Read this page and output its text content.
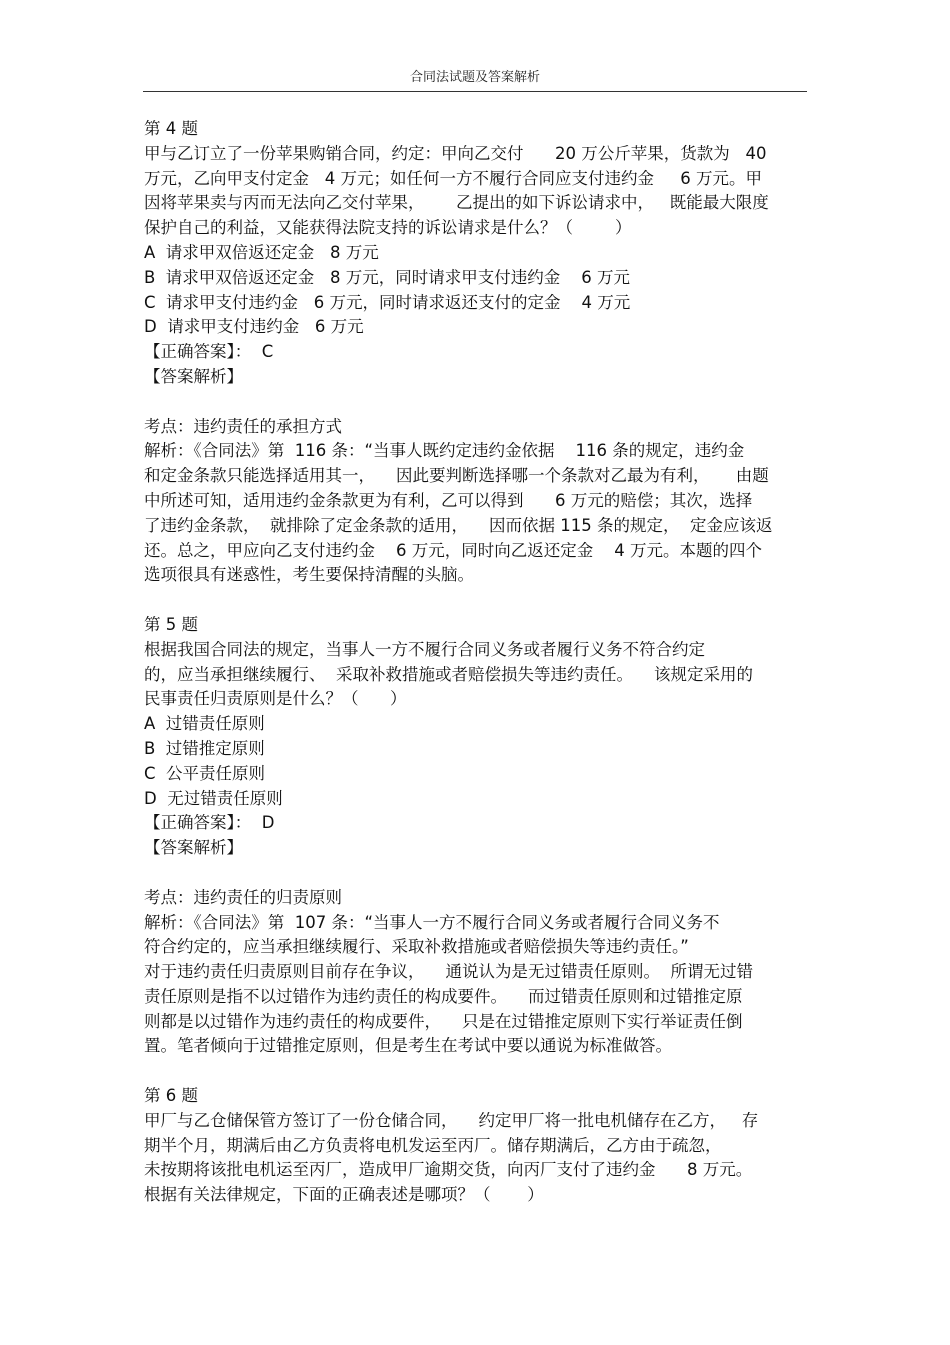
合同法试题及答案解析
第 4 题
甲与乙订立了一份苹果购销合同，约定：甲向乙交付      20 万公斤苹果，货款为   40
万元，乙向甲支付定金   4 万元；如任何一方不履行合同应支付违约金     6 万元。甲
因将苹果卖与丙而无法向乙交付苹果，      乙提出的如下诉讼请求中，   既能最大限度
保护自己的利益，又能获得法院支持的诉讼请求是什么？（        ）
A  请求甲双倍返还定金   8 万元
B  请求甲双倍返还定金   8 万元，同时请求甲支付违约金    6 万元
C  请求甲支付违约金   6 万元，同时请求返还支付的定金    4 万元
D  请求甲支付违约金   6 万元
【正确答案】：  C
【答案解析】
考点：违约责任的承担方式
解析：《合同法》第  116 条：“当事人既约定违约金依据    116 条的规定，违约金
和定金条款只能选择适用其一，    因此要判断选择哪一个条款对乙最为有利，     由题
中所述可知，适用违约金条款更为有利，乙可以得到      6 万元的赔偿；其次，选择
了违约金条款，  就排除了定金条款的适用，    因而依据 115 条的规定，  定金应该返
还。总之，甲应向乙支付违约金    6 万元，同时向乙返还定金    4 万元。本题的四个
选项很具有迷惑性，考生要保持清醒的头脑。
第 5 题
根据我国合同法的规定，当事人一方不履行合同义务或者履行义务不符合约定
的，应当承担继续履行、  采取补救措施或者赔偿损失等违约责任。    该规定采用的
民事责任归责原则是什么？（      ）
A  过错责任原则
B  过错推定原则
C  公平责任原则
D  无过错责任原则
【正确答案】：  D
【答案解析】
考点：违约责任的归责原则
解析：《合同法》第  107 条：“当事人一方不履行合同义务或者履行合同义务不
符合约定的，应当承担继续履行、采取补救措施或者赔偿损失等违约责任。”
对于违约责任归责原则目前存在争议，    通说认为是无过错责任原则。  所谓无过错
责任原则是指不以过错作为违约责任的构成要件。    而过错责任原则和过错推定原
则都是以过错作为违约责任的构成要件，    只是在过错推定原则下实行举证责任倒
置。笔者倾向于过错推定原则，但是考生在考试中要以通说为标准做答。
第 6 题
甲厂与乙仓储保管方签订了一份仓储合同，    约定甲厂将一批电机储存在乙方，   存
期半个月，期满后由乙方负责将电机发运至丙厂。储存期满后，乙方由于疏忽，
未按期将该批电机运至丙厂，造成甲厂逾期交货，向丙厂支付了违约金      8 万元。
根据有关法律规定，下面的正确表述是哪项？（       ）
